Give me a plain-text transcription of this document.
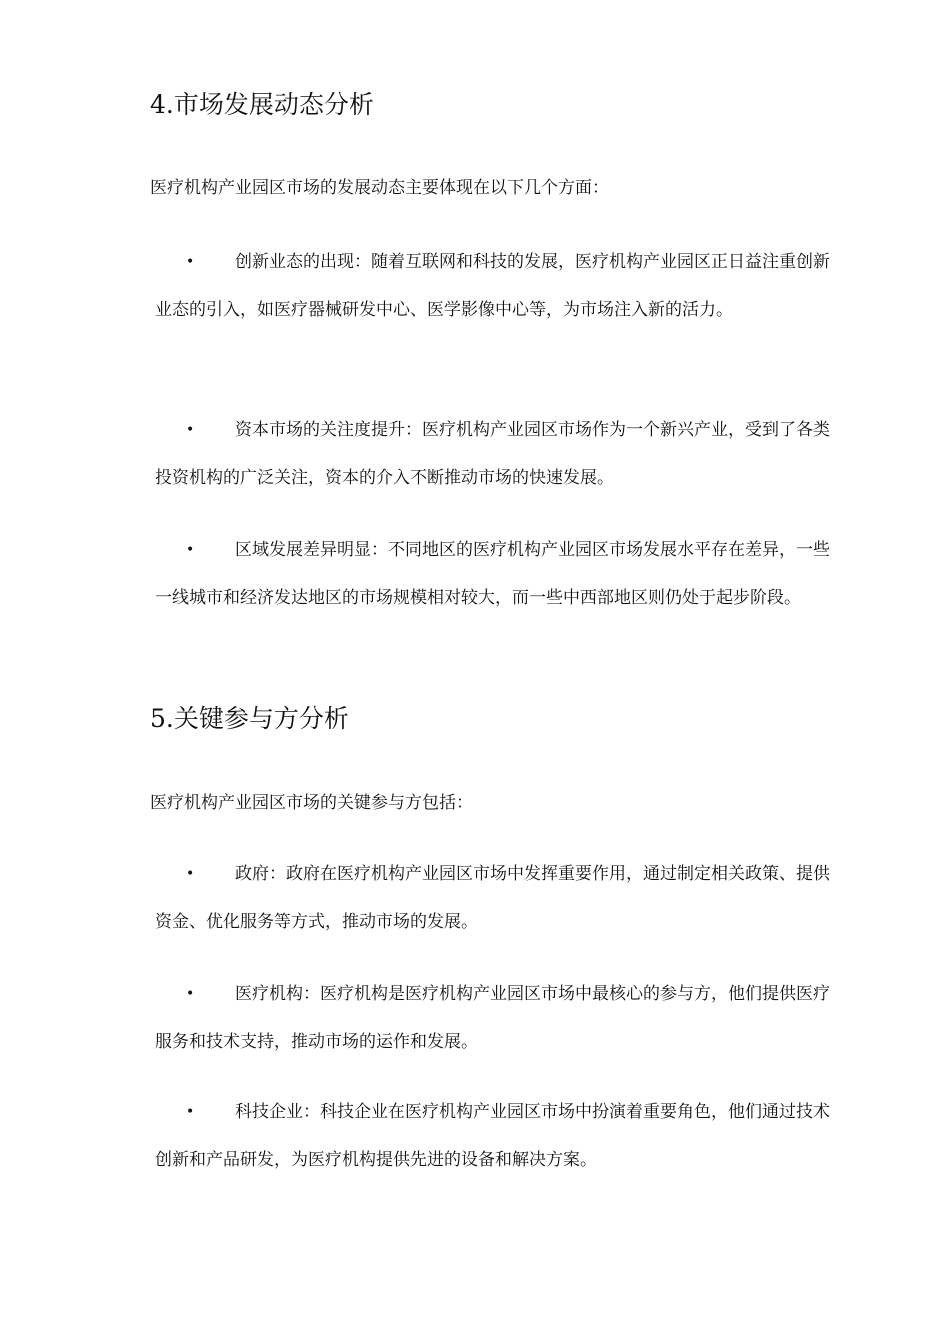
4.市场发展动态分析

医疗机构产业园区市场的发展动态主要体现在以下几个方面：

• 创新业态的出现：随着互联网和科技的发展，医疗机构产业园区正日益注重创新业态的引入，如医疗器械研发中心、医学影像中心等，为市场注入新的活力。
• 资本市场的关注度提升：医疗机构产业园区市场作为一个新兴产业，受到了各类投资机构的广泛关注，资本的介入不断推动市场的快速发展。
• 区域发展差异明显：不同地区的医疗机构产业园区市场发展水平存在差异，一些一线城市和经济发达地区的市场规模相对较大，而一些中西部地区则仍处于起步阶段。
5.关键参与方分析

医疗机构产业园区市场的关键参与方包括：

• 政府：政府在医疗机构产业园区市场中发挥重要作用，通过制定相关政策、提供资金、优化服务等方式，推动市场的发展。
• 医疗机构：医疗机构是医疗机构产业园区市场中最核心的参与方，他们提供医疗服务和技术支持，推动市场的运作和发展。
• 科技企业：科技企业在医疗机构产业园区市场中扮演着重要角色，他们通过技术创新和产品研发，为医疗机构提供先进的设备和解决方案。
